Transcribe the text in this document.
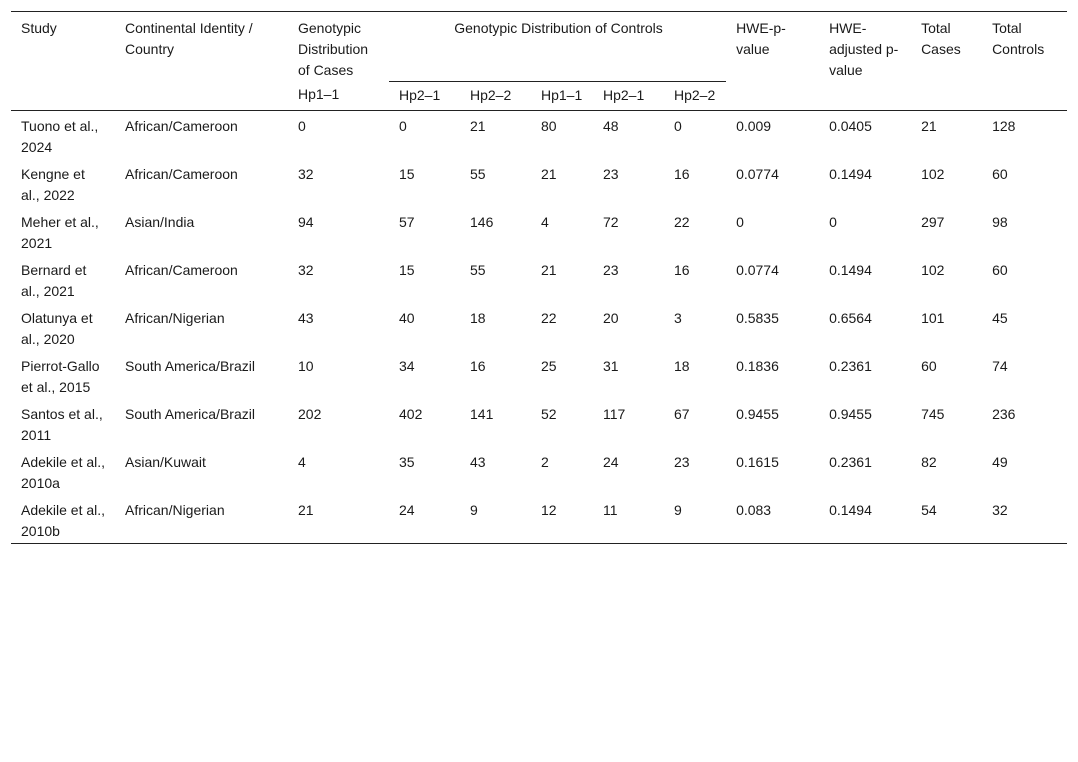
Study	Continental Identity / Country	Genotypic Distribution of Cases	Genotypic Distribution of Controls					HWE-p-value	HWE-adjusted p-value	Total Cases	Total Controls
		Hp1–1	Hp2–1	Hp2–2	Hp1–1	Hp2–1	Hp2–2				
Tuono et al., 2024	African/Cameroon	0	0	21	80	48	0	0.009	0.0405	21	128
Kengne et al., 2022	African/Cameroon	32	15	55	21	23	16	0.0774	0.1494	102	60
Meher et al., 2021	Asian/India	94	57	146	4	72	22	0	0	297	98
Bernard et al., 2021	African/Cameroon	32	15	55	21	23	16	0.0774	0.1494	102	60
Olatunya et al., 2020	African/Nigerian	43	40	18	22	20	3	0.5835	0.6564	101	45
Pierrot-Gallo et al., 2015	South America/Brazil	10	34	16	25	31	18	0.1836	0.2361	60	74
Santos et al., 2011	South America/Brazil	202	402	141	52	117	67	0.9455	0.9455	745	236
Adekile et al., 2010a	Asian/Kuwait	4	35	43	2	24	23	0.1615	0.2361	82	49
Adekile et al., 2010b	African/Nigerian	21	24	9	12	11	9	0.083	0.1494	54	32
